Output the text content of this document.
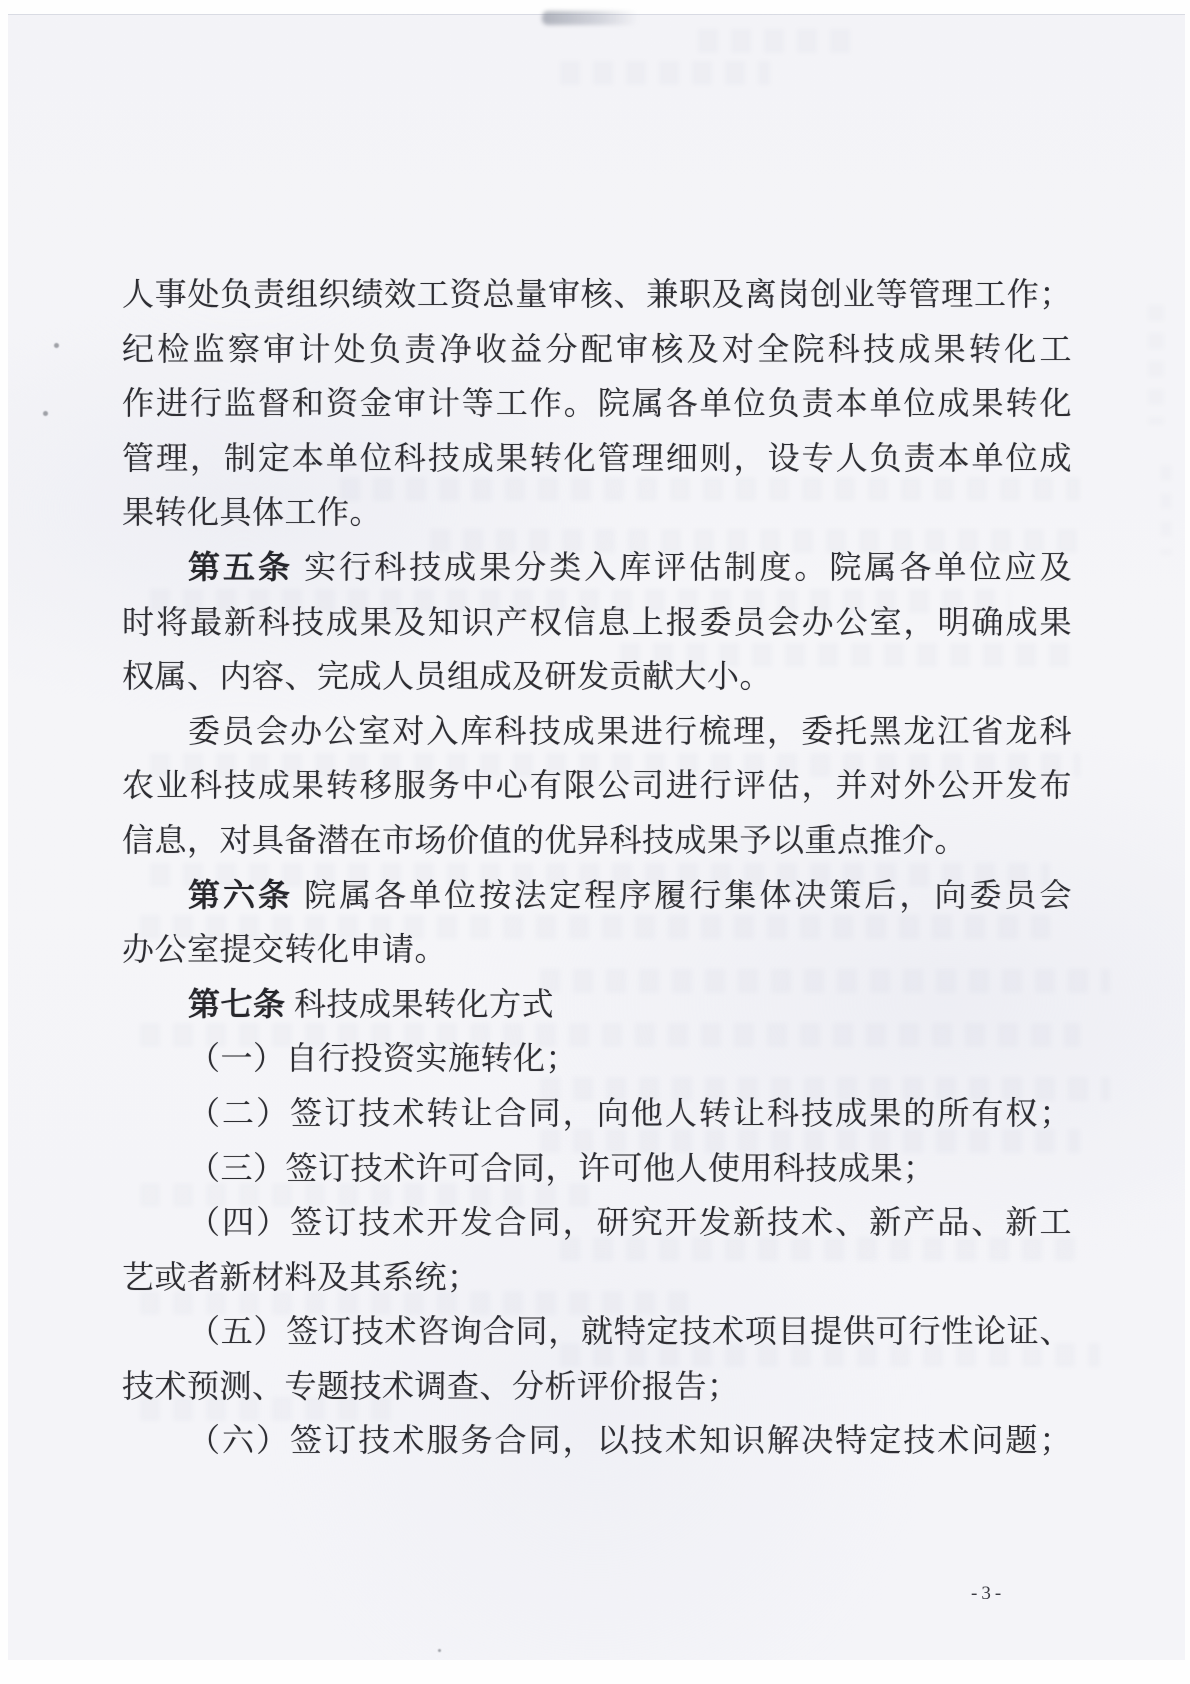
人事处负责组织绩效工资总量审核、兼职及离岗创业等管理工作；
纪检监察审计处负责净收益分配审核及对全院科技成果转化工
作进行监督和资金审计等工作。院属各单位负责本单位成果转化
管理，制定本单位科技成果转化管理细则，设专人负责本单位成
果转化具体工作。
第五条 实行科技成果分类入库评估制度。院属各单位应及
时将最新科技成果及知识产权信息上报委员会办公室，明确成果
权属、内容、完成人员组成及研发贡献大小。
委员会办公室对入库科技成果进行梳理，委托黑龙江省龙科
农业科技成果转移服务中心有限公司进行评估，并对外公开发布
信息，对具备潜在市场价值的优异科技成果予以重点推介。
第六条 院属各单位按法定程序履行集体决策后，向委员会
办公室提交转化申请。
第七条 科技成果转化方式
（一）自行投资实施转化；
（二）签订技术转让合同，向他人转让科技成果的所有权；
（三）签订技术许可合同，许可他人使用科技成果；
（四）签订技术开发合同，研究开发新技术、新产品、新工
艺或者新材料及其系统；
（五）签订技术咨询合同，就特定技术项目提供可行性论证、
技术预测、专题技术调查、分析评价报告；
（六）签订技术服务合同，以技术知识解决特定技术问题；
-3-
